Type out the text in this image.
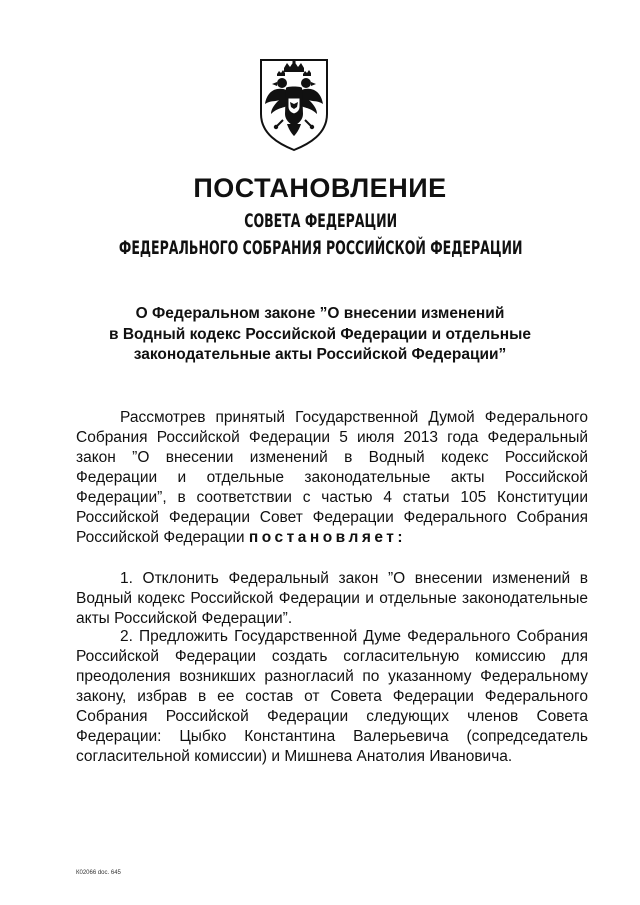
ПОСТАНОВЛЕНИЕ
СОВЕТА ФЕДЕРАЦИИ
ФЕДЕРАЛЬНОГО СОБРАНИЯ РОССИЙСКОЙ ФЕДЕРАЦИИ
О Федеральном законе ”О внесении изменений
в Водный кодекс Российской Федерации и отдельные
законодательные акты Российской Федерации”
Рассмотрев принятый Государственной Думой Федерального Собрания Российской Федерации 5 июля 2013 года Федеральный закон ”О внесении изменений в Водный кодекс Российской Федерации и отдельные законодательные акты Российской Федерации”, в соответствии с частью 4 статьи 105 Конституции Российской Федерации Совет Федерации Федерального Собрания Российской Федерации постановляет:
1. Отклонить Федеральный закон ”О внесении изменений в Водный кодекс Российской Федерации и отдельные законодательные акты Российской Федерации”.
2. Предложить Государственной Думе Федерального Собрания Российской Федерации создать согласительную комиссию для преодоления возникших разногласий по указанному Федеральному закону, избрав в ее состав от Совета Федерации Федерального Собрания Российской Федерации следующих членов Совета Федерации: Цыбко Константина Валерьевича (сопредседатель согласительной комиссии) и Мишнева Анатолия Ивановича.
К02066 doc. 645
